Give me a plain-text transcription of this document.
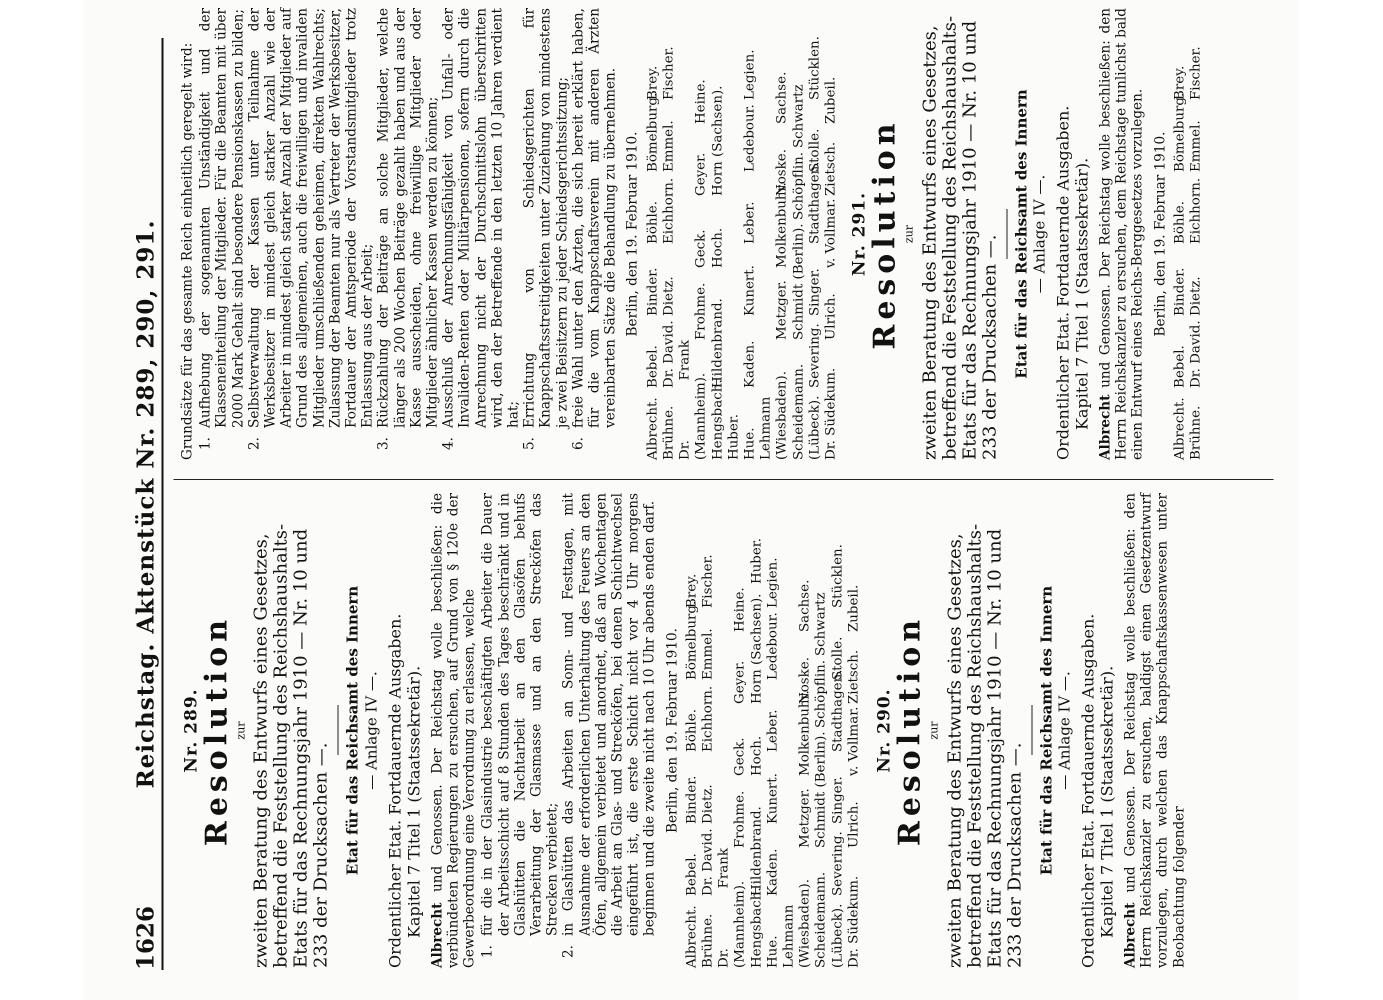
1626
Reichstag. Aktenstück Nr. 289, 290, 291. Nr. 289.
Resolution zur zweiten Beratung des Entwurfs eines Gesetzes, betreffend die Feststellung des Reichshaushalts-Etats für das Rechnungsjahr 1910 — Nr. 10 und 233 der Drucksachen —. Etat für das Reichsamt des Innern — Anlage IV —. Ordentlicher Etat. Fortdauernde Ausgaben. Kapitel 7 Titel 1 (Staatssekretär). Albrecht und Genossen. Der Reichstag wolle beschließen: die verbündeten Regierungen zu ersuchen, auf Grund von § 120e der Gewerbeordnung eine Verordnung zu erlassen, welche 1.
für die in der Glasindustrie beschäftigten Arbeiter die Dauer der Arbeitsschicht auf 8 Stunden des Tages beschränkt und in Glashütten die Nachtarbeit an den Glasöfen behufs Verarbeitung der Glasmasse und an den Strecköfen das Strecken verbietet;
2.
in Glashütten das Arbeiten an Sonn- und Festtagen, mit Ausnahme der erforderlichen Unterhaltung des Feuers an den Öfen, allgemein verbietet und anordnet, daß an Wochentagen die Arbeit an Glas- und Strecköfen, bei denen Schichtwechsel eingeführt ist, die erste Schicht nicht vor 4 Uhr morgens beginnen und die zweite nicht nach 10 Uhr abends enden darf. Berlin, den 19. Februar 1910.
Albrecht.Bebel.Binder.Böhle.Bömelburg.Brey.
Brühne.Dr. David.Dietz.Eichhorn.Emmel.Fischer.
Dr. Frank (Mannheim).Frohme.Geck.Geyer.Heine.
Hengsbach.Hildenbrand.Hoch.Horn (Sachsen).Huber.
Hue.Kaden.Kunert.Leber.Ledebour.Legien.Lehmann (Wiesbaden).Metzger.Molkenbuhr.Noske.Sachse.
Scheidemann.Schmidt (Berlin).Schöpflin.Schwartz
(Lübeck).Severing.Singer.Stadthagen.Stolle.Stücklen.
Dr. Südekum.Ulrich.v. Vollmar.Zietsch.Zubeil.
Nr. 290.
Resolution zur zweiten Beratung des Entwurfs eines Gesetzes, betreffend die Feststellung des Reichshaushalts-Etats für das Rechnungsjahr 1910 — Nr. 10 und 233 der Drucksachen —. Etat für das Reichsamt des Innern — Anlage IV —. Ordentlicher Etat. Fortdauernde Ausgaben. Kapitel 7 Titel 1 (Staatssekretär). Albrecht und Genossen. Der Reichstag wolle beschließen: den Herrn Reichskanzler zu ersuchen, baldigst einen Gesetzentwurf vorzulegen, durch welchen das Knappschaftskassenwesen unter Beobachtung folgender

Grundsätze für das gesamte Reich einheitlich geregelt wird: 1.
Aufhebung der sogenannten Unständigkeit und der Klasseneinteilung der Mitglieder. Für die Beamten mit über 2000 Mark Gehalt sind besondere Pensionskassen zu bilden;
2.
Selbstverwaltung der Kassen unter Teilnahme der Werksbesitzer in mindest gleich starker Anzahl wie der Arbeiter in mindest gleich starker Anzahl der Mitglieder auf Grund des allgemeinen, auch die freiwilligen und invaliden Mitglieder umschließenden geheimen, direkten Wahlrechts; Zulassung der Beamten nur als Vertreter der Werksbesitzer, Fortdauer der Amtsperiode der Vorstandsmitglieder trotz Entlassung aus der Arbeit;
3.
Rückzahlung der Beiträge an solche Mitglieder, welche länger als 200 Wochen Beiträge gezahlt haben und aus der Kasse ausscheiden, ohne freiwillige Mitglieder oder Mitglieder ähnlicher Kassen werden zu können;
4.
Ausschluß der Anrechnungsfähigkeit von Unfall- oder Invaliden-Renten oder Militärpensionen, sofern durch die Anrechnung nicht der Durchschnittslohn überschritten wird, den der Betreffende in den letzten 10 Jahren verdient hat;
5.
Errichtung von Schiedsgerichten für Knappschaftsstreitigkeiten unter Zuziehung von mindestens je zwei Beisitzern zu jeder Schiedsgerichtssitzung;
6.
freie Wahl unter den Ärzten, die sich bereit erklärt haben, für die vom Knappschaftsverein mit anderen Ärzten vereinbarten Sätze die Behandlung zu übernehmen. Berlin, den 19. Februar 1910.
Albrecht.Bebel.Binder.Böhle.Bömelburg.Brey.
Brühne.Dr. David.Dietz.Eichhorn.Emmel.Fischer.
Dr. Frank (Mannheim).Frohme.Geck.Geyer.Heine.
Hengsbach.Hildenbrand.Hoch.Horn (Sachsen).Huber. Hue.Kaden.Kunert.Leber.Ledebour.Legien.Lehmann (Wiesbaden).Metzger.Molkenbuhr.Noske.Sachse.
Scheidemann.Schmidt (Berlin).Schöpflin.Schwartz
(Lübeck).Severing.Singer.Stadthagen.Stolle.Stücklen.
Dr. Südekum.Ulrich.v. Vollmar.Zietsch.Zubeil.
Nr. 291.
Resolution zur zweiten Beratung des Entwurfs eines Gesetzes, betreffend die Feststellung des Reichshaushalts-Etats für das Rechnungsjahr 1910 — Nr. 10 und 233 der Drucksachen —. Etat für das Reichsamt des Innern — Anlage IV —. Ordentlicher Etat. Fortdauernde Ausgaben. Kapitel 7 Titel 1 (Staatssekretär). Albrecht und Genossen. Der Reichstag wolle beschließen: den Herrn Reichskanzler zu ersuchen, dem Reichstage tunlichst bald einen Entwurf eines Reichs-Berggesetzes vorzulegen. Berlin, den 19. Februar 1910.
Albrecht.Bebel.Binder.Böhle.Bömelburg.Brey.
Brühne.Dr. David.Dietz.Eichhorn.Emmel.Fischer.
